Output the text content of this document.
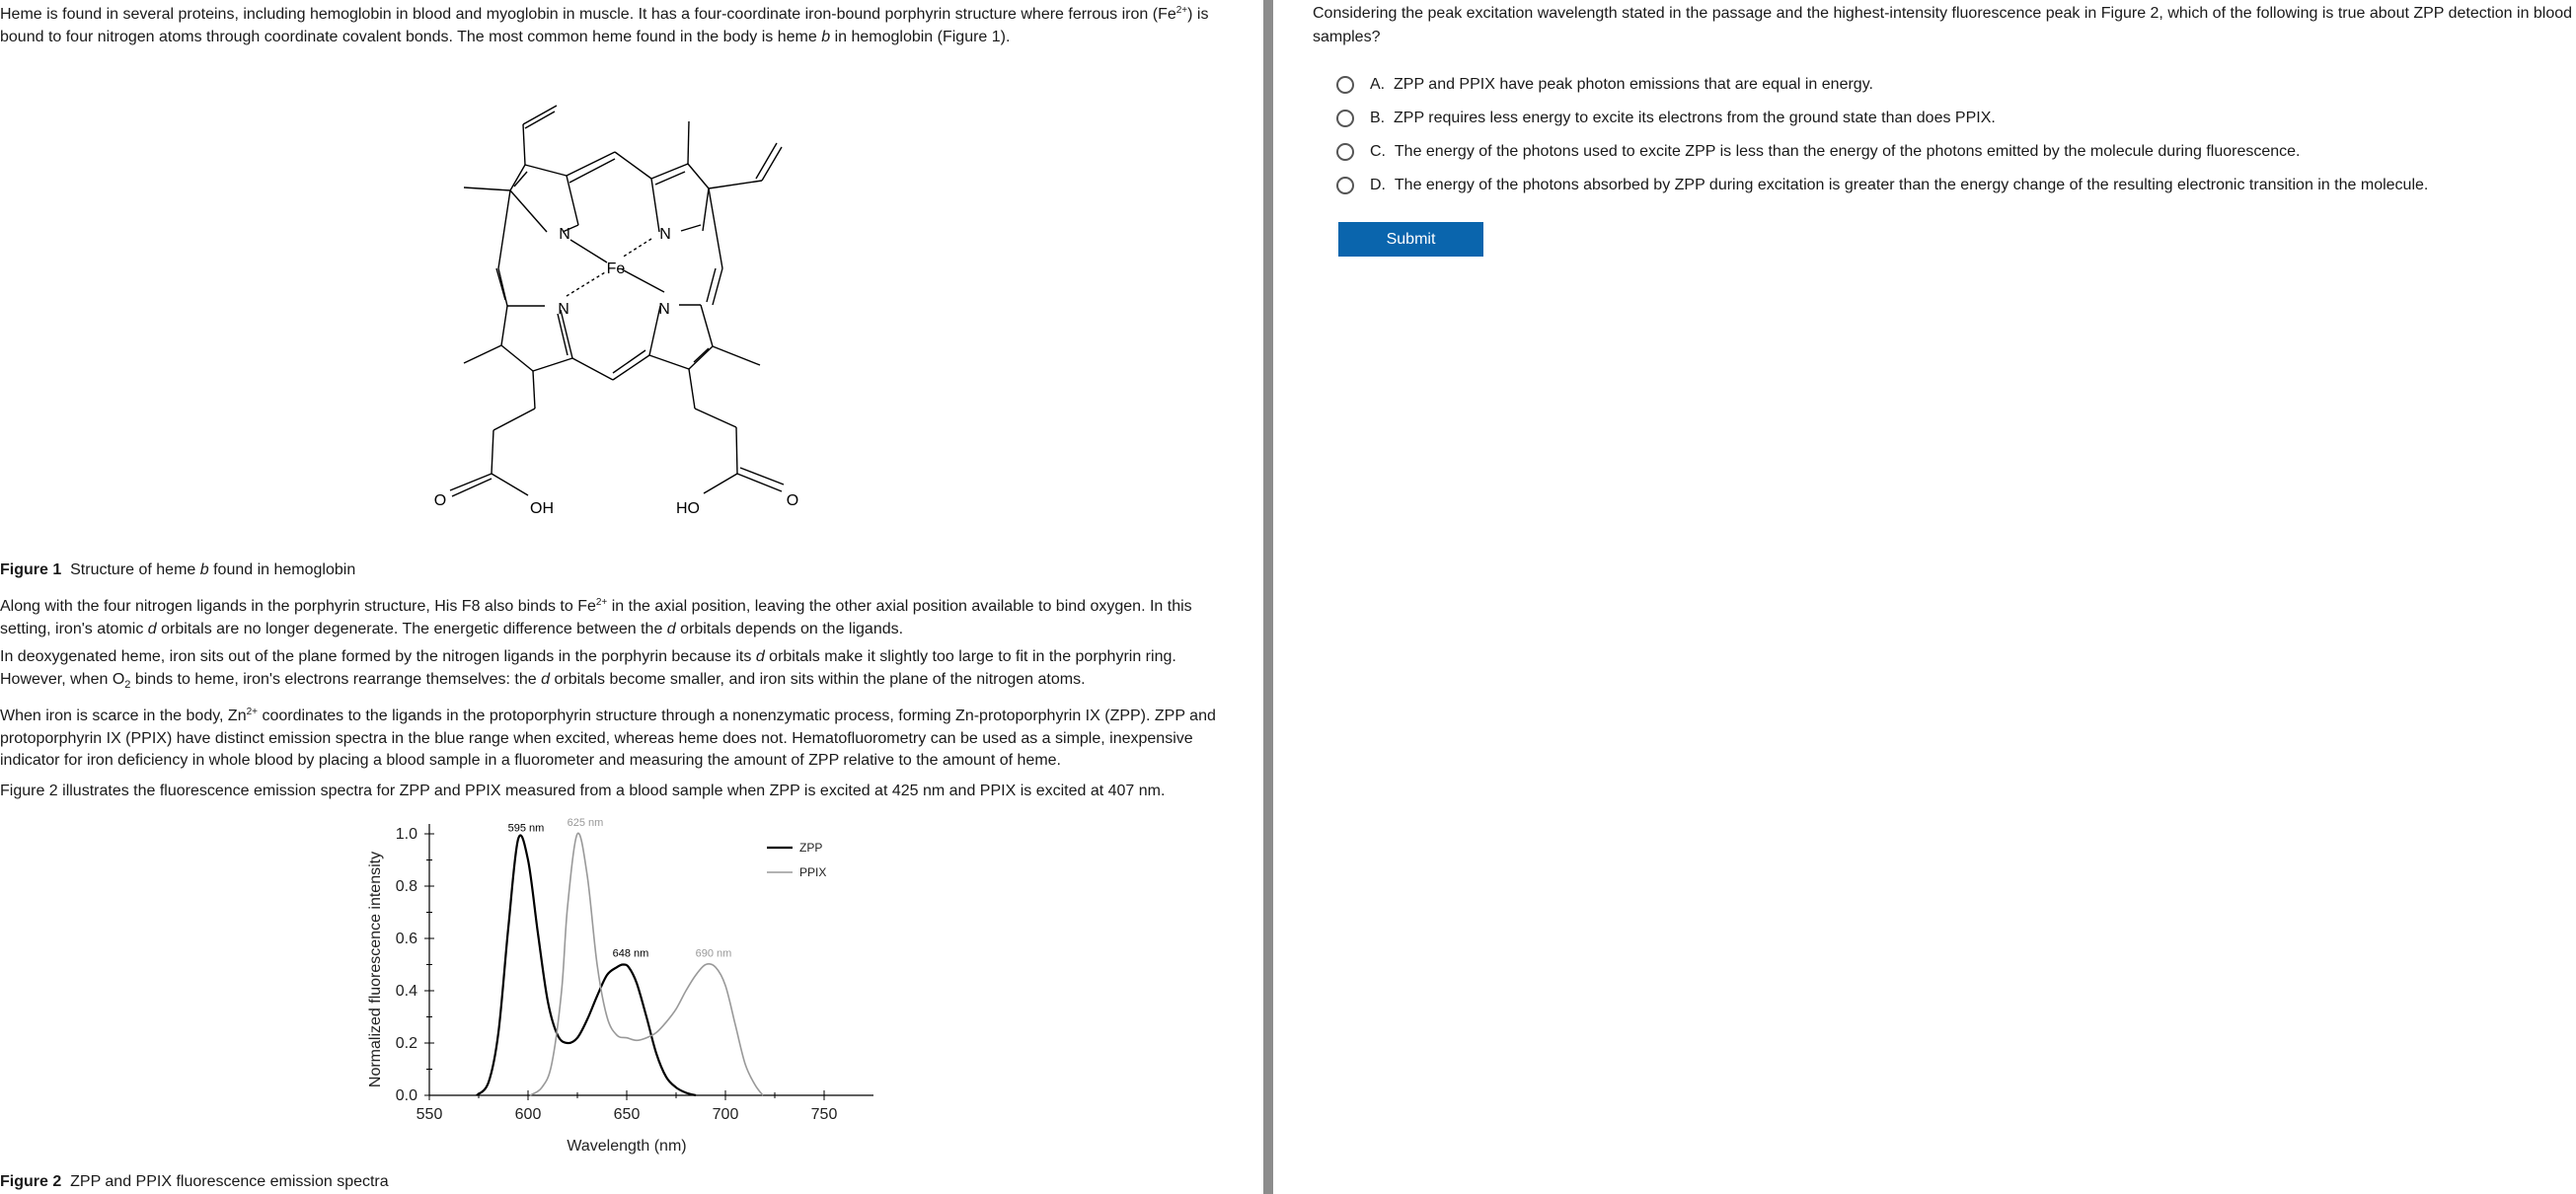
Heme is found in several proteins, including hemoglobin in blood and myoglobin in muscle. It has a four-coordinate iron-bound porphyrin structure where ferrous iron $(Fe^{2+})$ is
bound to four nitrogen atoms through coordinate covalent bonds. The most common heme found in the body is heme b in hemoglobin (Figure 1).

N	N
N	N
Fe
O	OH	HO	O

Figure 1 Structure of heme b found in hemoglobin

Along with the four nitrogen ligands in the porphyrin structure, His F8 also binds to $Fe^{2+}$ in the axial position, leaving the other axial position available to bind oxygen. In this
setting, iron's atomic d orbitals are no longer degenerate. The energetic difference between the d orbitals depends on the ligands.

In deoxygenated heme, iron sits out of the plane formed by the nitrogen ligands in the porphyrin because its d orbitals make it slightly too large to fit in the porphyrin ring.
However, when $O_2$ binds to heme, iron's electrons rearrange themselves: the d orbitals become smaller, and iron sits within the plane of the nitrogen atoms.

When iron is scarce in the body, $Zn^{2+}$ coordinates to the ligands in the protoporphyrin structure through a nonenzymatic process, forming Zn-protoporphyrin IX (ZPP). ZPP and
protoporphyrin IX (PPIX) have distinct emission spectra in the blue range when excited, whereas heme does not. Hematofluorometry can be used as a simple, inexpensive
indicator for iron deficiency in whole blood by placing a blood sample in a fluorometer and measuring the amount of ZPP relative to the amount of heme.

Figure 2 illustrates the fluorescence emission spectra for ZPP and PPIX measured from a blood sample when ZPP is excited at 425 nm and PPIX is excited at 407 nm.

550	600	650	700	750
0.0
0.2
0.4
0.6
0.8
1.0
Wavelength (nm)
Normalized fluorescence intensity
595 nm
648 nm
ZPP
625 nm
690 nm
PPIX

Figure 2 ZPP and PPIX fluorescence emission spectra

Considering the peak excitation wavelength stated in the passage and the highest-intensity fluorescence peak in Figure 2, which of the following is true about ZPP detection in blood samples?

A.
ZPP and PPIX have peak photon emissions that are equal in energy.
B.
ZPP requires less energy to excite its electrons from the ground state than does PPIX.
C.
The energy of the photons used to excite ZPP is less than the energy of the photons emitted by the molecule during fluorescence.
D.
The energy of the photons absorbed by ZPP during excitation is greater than the energy change of the resulting electronic transition in the molecule.
Submit
